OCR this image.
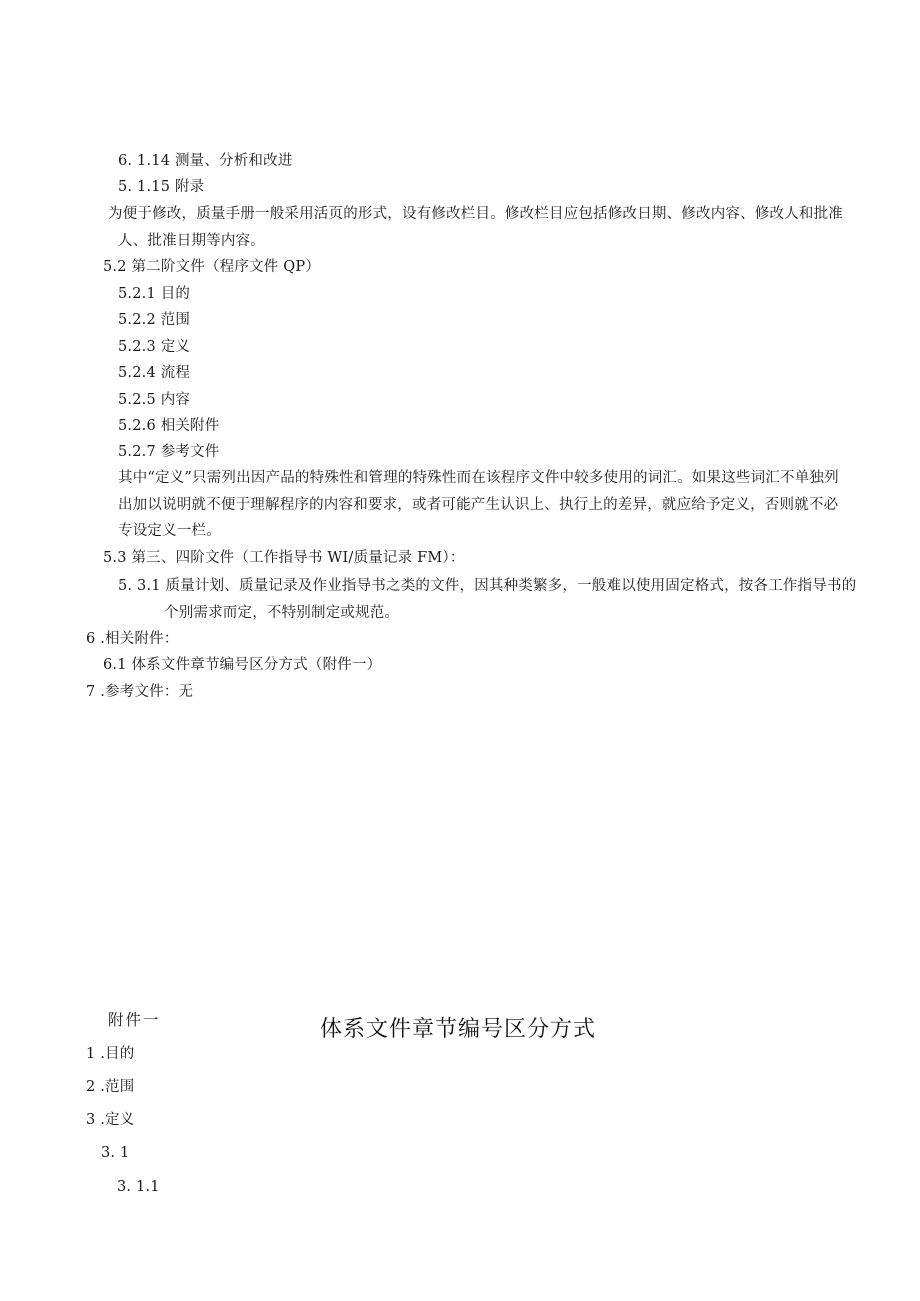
6. 1.14 测量、分析和改进
5. 1.15 附录
为便于修改，质量手册一般采用活页的形式，设有修改栏目。修改栏目应包括修改日期、修改内容、修改人和批准人、批准日期等内容。
5.2 第二阶文件（程序文件 QP）
5.2.1 目的
5.2.2 范围
5.2.3 定义
5.2.4 流程
5.2.5 内容
5.2.6 相关附件
5.2.7 参考文件
其中“定义”只需列出因产品的特殊性和管理的特殊性而在该程序文件中较多使用的词汇。如果这些词汇不单独列出加以说明就不便于理解程序的内容和要求，或者可能产生认识上、执行上的差异，就应给予定义，否则就不必专设定义一栏。
5.3 第三、四阶文件（工作指导书 WI/质量记录 FM）：
5. 3.1 质量计划、质量记录及作业指导书之类的文件，因其种类繁多，一般难以使用固定格式，按各工作指导书的个别需求而定，不特别制定或规范。
6 .相关附件：
6.1 体系文件章节编号区分方式（附件一）
7 .参考文件：无
附件一	体系文件章节编号区分方式
1 .目的
2 .范围
3 .定义
3. 1
3. 1.1
